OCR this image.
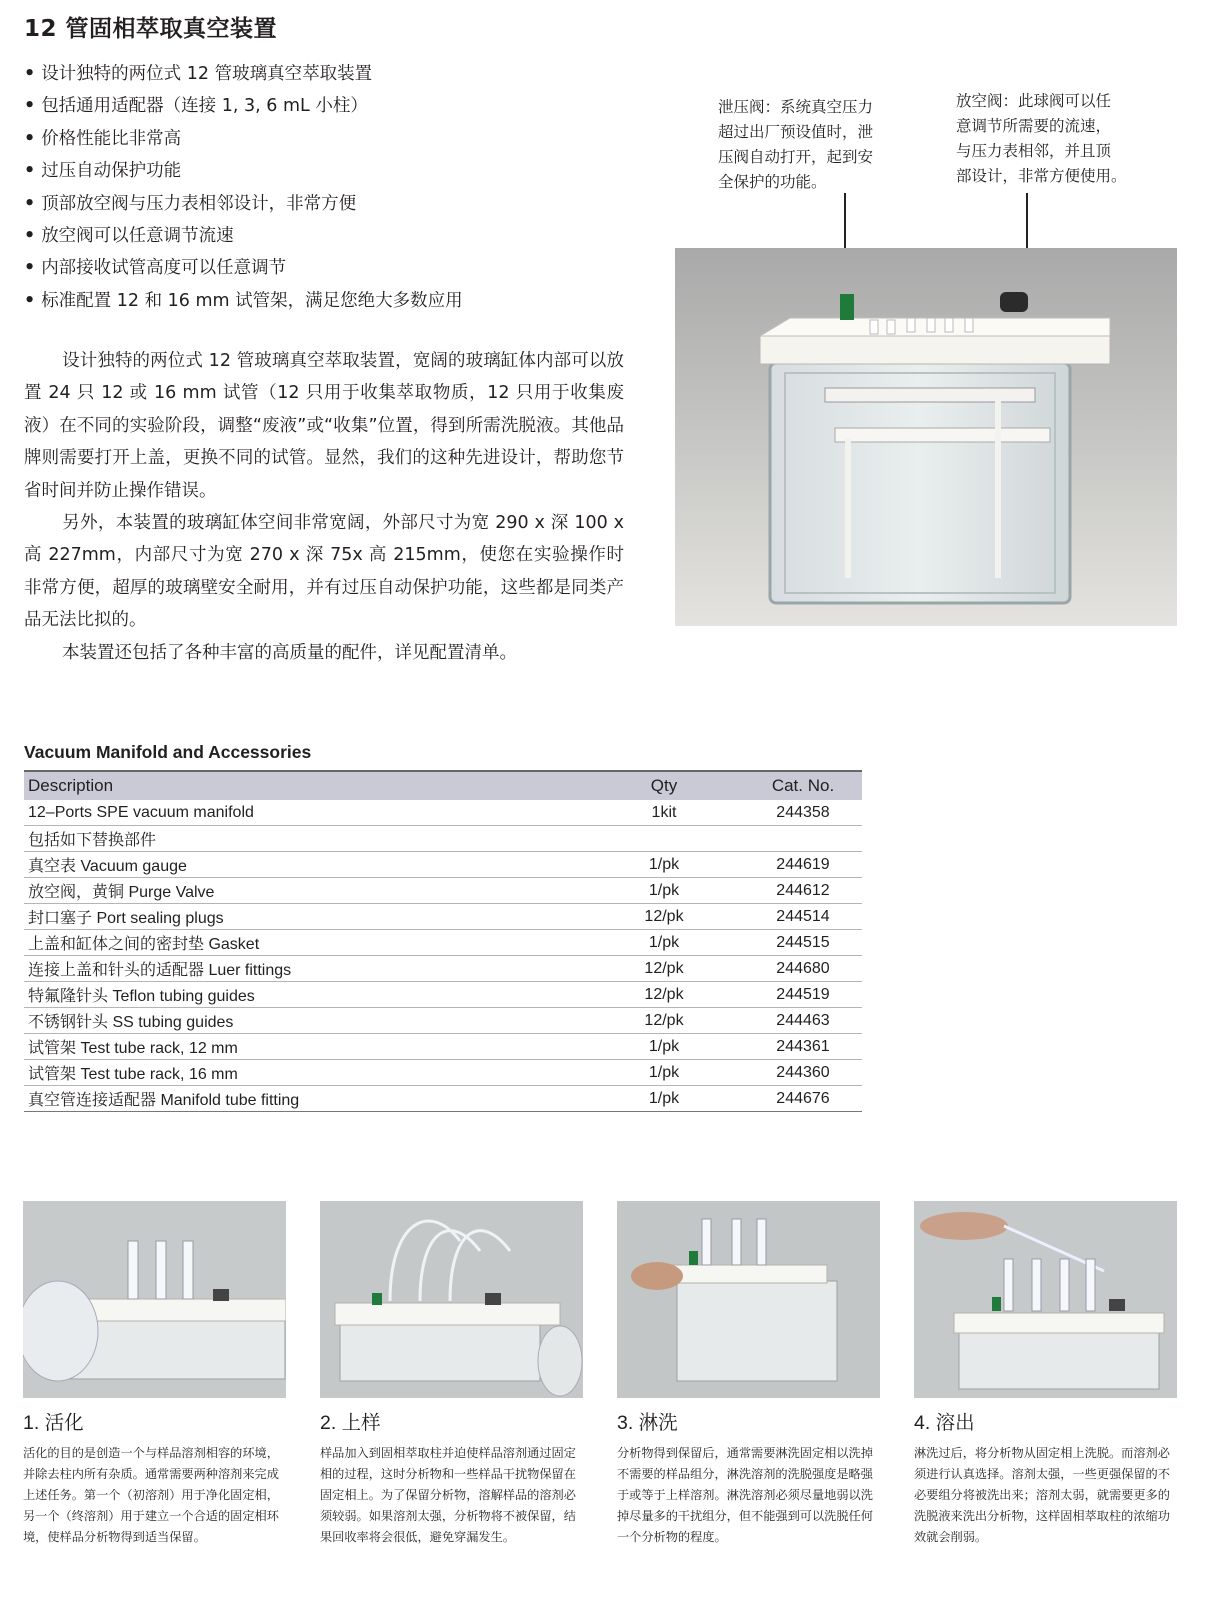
12 管固相萃取真空装置
• 设计独特的两位式 12 管玻璃真空萃取装置
• 包括通用适配器（连接 1, 3, 6 mL 小柱）
• 价格性能比非常高
• 过压自动保护功能
• 顶部放空阀与压力表相邻设计，非常方便
• 放空阀可以任意调节流速
• 内部接收试管高度可以任意调节
• 标准配置 12 和 16 mm 试管架，满足您绝大多数应用

设计独特的两位式 12 管玻璃真空萃取装置，宽阔的玻璃缸体内部可以放置 24 只 12 或 16 mm 试管（12 只用于收集萃取物质，12 只用于收集废液）在不同的实验阶段，调整“废液”或“收集”位置，得到所需洗脱液。其他品牌则需要打开上盖，更换不同的试管。显然，我们的这种先进设计，帮助您节省时间并防止操作错误。

另外，本装置的玻璃缸体空间非常宽阔，外部尺寸为宽 290 x 深 100 x 高 227mm，内部尺寸为宽 270 x 深 75x 高 215mm，使您在实验操作时非常方便，超厚的玻璃壁安全耐用，并有过压自动保护功能，这些都是同类产品无法比拟的。

本装置还包括了各种丰富的高质量的配件，详见配置清单。

泄压阀：系统真空压力
超过出厂预设值时，泄
压阀自动打开，起到安
全保护的功能。
放空阀：此球阀可以任
意调节所需要的流速，
与压力表相邻，并且顶
部设计，非常方便使用。
Vacuum Manifold and Accessories
Description	Qty	Cat. No.
12–Ports SPE vacuum manifold	1kit	244358
包括如下替换部件		
真空表 Vacuum gauge	1/pk	244619
放空阀，黄铜 Purge Valve	1/pk	244612
封口塞子 Port sealing plugs	12/pk	244514
上盖和缸体之间的密封垫 Gasket	1/pk	244515
连接上盖和针头的适配器 Luer fittings	12/pk	244680
特氟隆针头 Teflon tubing guides	12/pk	244519
不锈钢针头 SS tubing guides	12/pk	244463
试管架 Test tube rack, 12 mm	1/pk	244361
试管架 Test tube rack, 16 mm	1/pk	244360
真空管连接适配器 Manifold tube fitting	1/pk	244676
1. 活化

活化的目的是创造一个与样品溶剂相容的环境，
并除去柱内所有杂质。通常需要两种溶剂来完成
上述任务。第一个（初溶剂）用于净化固定相，
另一个（终溶剂）用于建立一个合适的固定相环
境，使样品分析物得到适当保留。

2. 上样

样品加入到固相萃取柱并迫使样品溶剂通过固定
相的过程，这时分析物和一些样品干扰物保留在
固定相上。为了保留分析物，溶解样品的溶剂必
须较弱。如果溶剂太强，分析物将不被保留，结
果回收率将会很低，避免穿漏发生。

3. 淋洗

分析物得到保留后，通常需要淋洗固定相以洗掉
不需要的样品组分，淋洗溶剂的洗脱强度是略强
于或等于上样溶剂。淋洗溶剂必须尽量地弱以洗
掉尽量多的干扰组分，但不能强到可以洗脱任何
一个分析物的程度。

4. 溶出

淋洗过后，将分析物从固定相上洗脱。而溶剂必
须进行认真选择。溶剂太强，一些更强保留的不
必要组分将被洗出来；溶剂太弱，就需要更多的
洗脱液来洗出分析物，这样固相萃取柱的浓缩功
效就会削弱。
